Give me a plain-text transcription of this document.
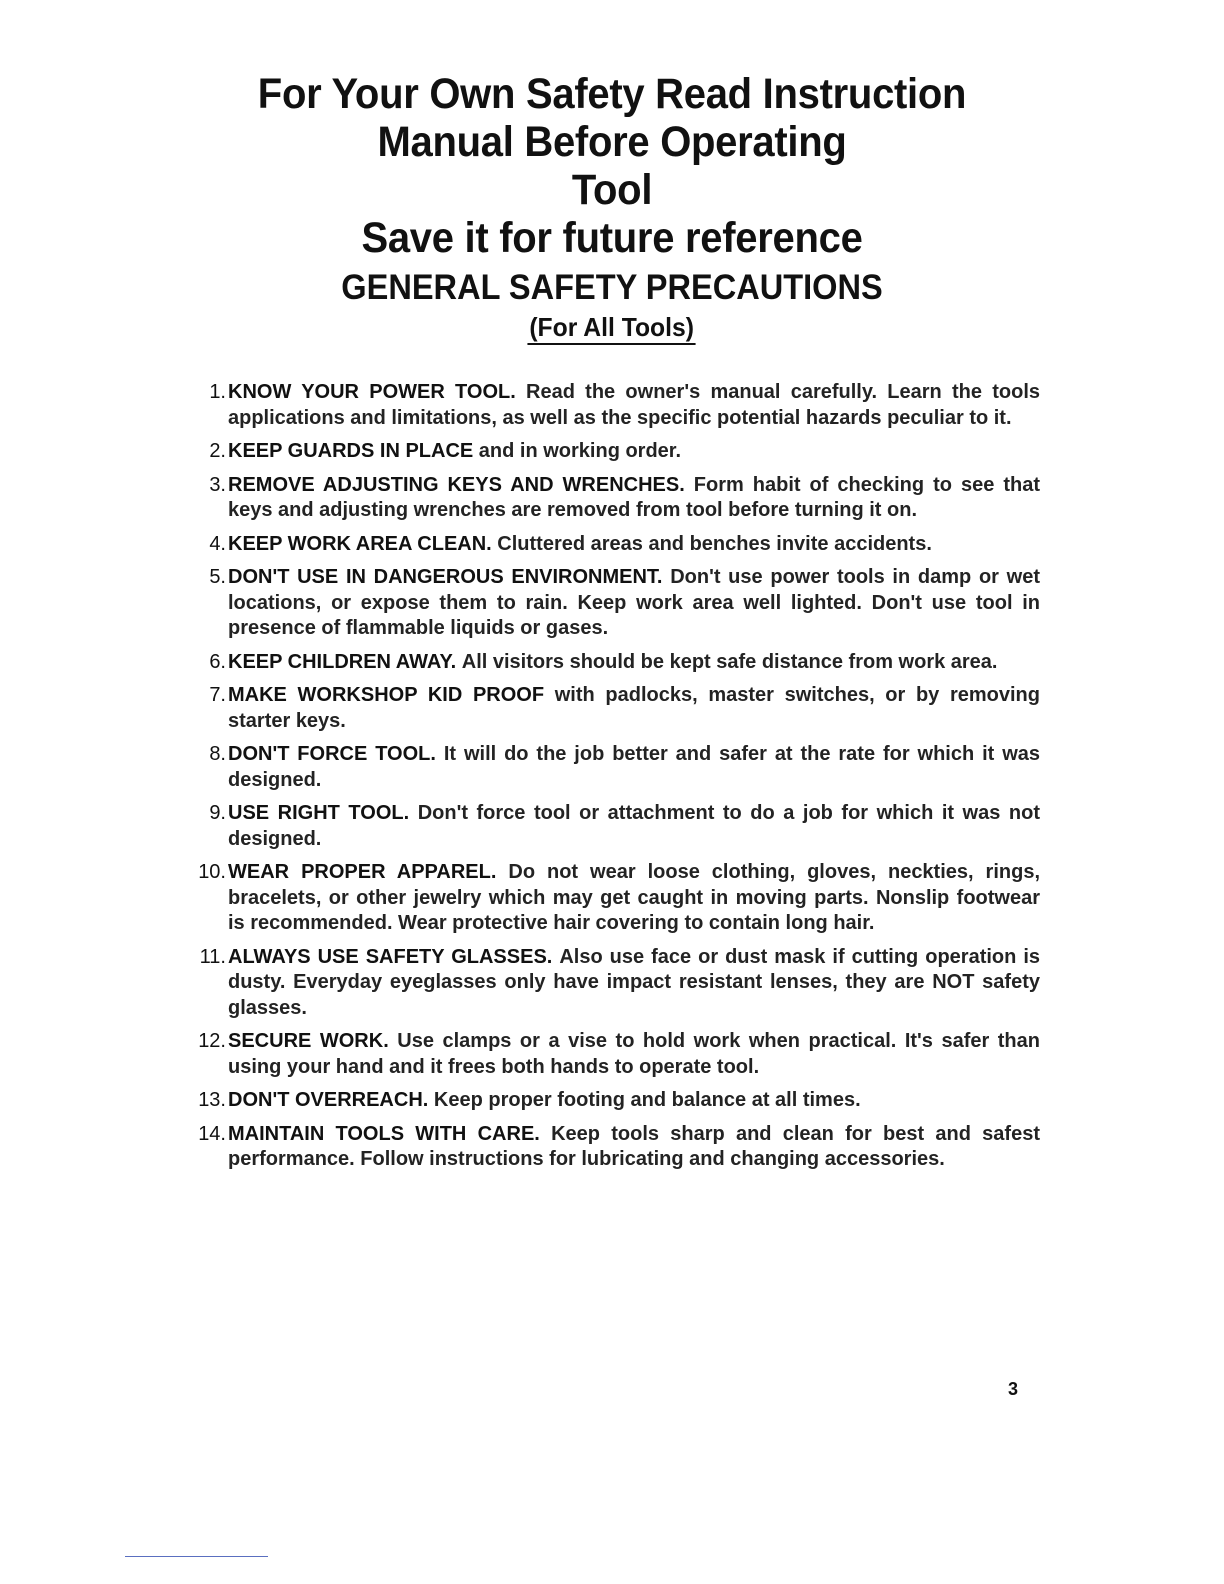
For Your Own Safety Read Instruction
Manual Before Operating
Tool
Save it for future reference
GENERAL SAFETY PRECAUTIONS
(For All Tools)
1. KNOW YOUR POWER TOOL. Read the owner's manual carefully. Learn the tools applications and limitations, as well as the specific potential hazards peculiar to it.
2. KEEP GUARDS IN PLACE and in working order.
3. REMOVE ADJUSTING KEYS AND WRENCHES. Form habit of checking to see that keys and adjusting wrenches are removed from tool before turning it on.
4. KEEP WORK AREA CLEAN. Cluttered areas and benches invite accidents.
5. DON'T USE IN DANGEROUS ENVIRONMENT. Don't use power tools in damp or wet locations, or expose them to rain. Keep work area well lighted. Don't use tool in presence of flammable liquids or gases.
6. KEEP CHILDREN AWAY. All visitors should be kept safe distance from work area.
7. MAKE WORKSHOP KID PROOF with padlocks, master switches, or by removing starter keys.
8. DON'T FORCE TOOL. It will do the job better and safer at the rate for which it was designed.
9. USE RIGHT TOOL. Don't force tool or attachment to do a job for which it was not designed.
10. WEAR PROPER APPAREL. Do not wear loose clothing, gloves, neckties, rings, bracelets, or other jewelry which may get caught in moving parts. Nonslip footwear is recommended. Wear protective hair covering to contain long hair.
11. ALWAYS USE SAFETY GLASSES. Also use face or dust mask if cutting operation is dusty. Everyday eyeglasses only have impact resistant lenses, they are NOT safety glasses.
12. SECURE WORK. Use clamps or a vise to hold work when practical. It's safer than using your hand and it frees both hands to operate tool.
13. DON'T OVERREACH. Keep proper footing and balance at all times.
14. MAINTAIN TOOLS WITH CARE. Keep tools sharp and clean for best and safest performance. Follow instructions for lubricating and changing accessories.
3
